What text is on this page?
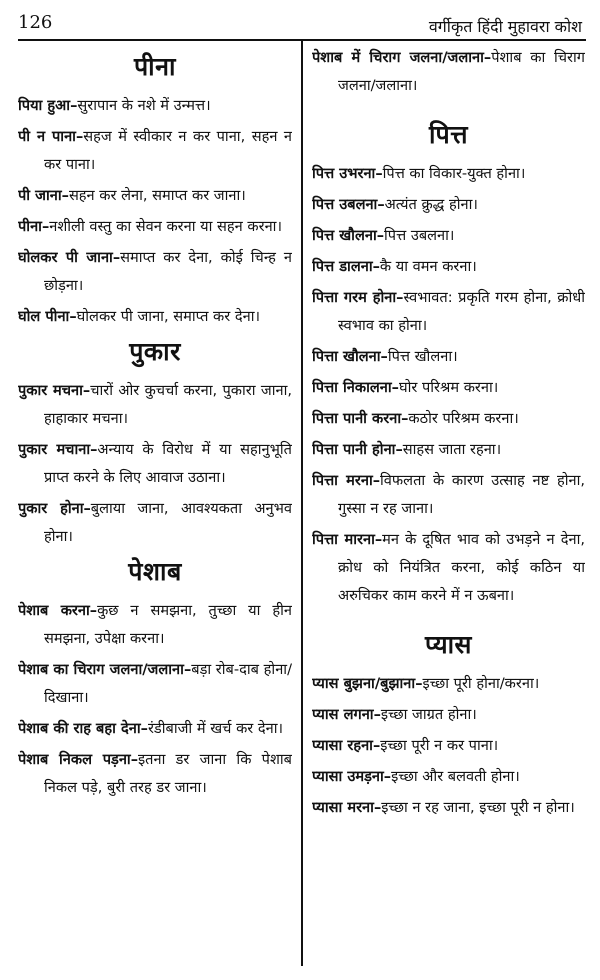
126	वर्गीकृत हिंदी मुहावरा कोश
पीना
पिया हुआ–सुरापान के नशे में उन्मत्त।
पी न पाना–सहज में स्वीकार न कर पाना, सहन न कर पाना।
पी जाना–सहन कर लेना, समाप्त कर जाना।
पीना–नशीली वस्तु का सेवन करना या सहन करना।
घोलकर पी जाना–समाप्त कर देना, कोई चिन्ह न छोड़ना।
घोल पीना–घोलकर पी जाना, समाप्त कर देना।
पुकार
पुकार मचना–चारों ओर कुचर्चा करना, पुकारा जाना, हाहाकार मचना।
पुकार मचाना–अन्याय के विरोध में या सहानुभूति प्राप्त करने के लिए आवाज उठाना।
पुकार होना–बुलाया जाना, आवश्यकता अनुभव होना।
पेशाब
पेशाब करना–कुछ न समझना, तुच्छा या हीन समझना, उपेक्षा करना।
पेशाब का चिराग जलना/जलाना–बड़ा रोब-दाब होना/दिखाना।
पेशाब की राह बहा देना–रंडीबाजी में खर्च कर देना।
पेशाब निकल पड़ना–इतना डर जाना कि पेशाब निकल पड़े, बुरी तरह डर जाना।
पेशाब में चिराग जलना/जलाना–पेशाब का चिराग जलना/जलाना।
पित्त
पित्त उभरना–पित्त का विकार-युक्त होना।
पित्त उबलना–अत्यंत क्रुद्ध होना।
पित्त खौलना–पित्त उबलना।
पित्त डालना–कै या वमन करना।
पित्ता गरम होना–स्वभावत: प्रकृति गरम होना, क्रोधी स्वभाव का होना।
पित्ता खौलना–पित्त खौलना।
पित्ता निकालना–घोर परिश्रम करना।
पित्ता पानी करना–कठोर परिश्रम करना।
पित्ता पानी होना–साहस जाता रहना।
पित्ता मरना–विफलता के कारण उत्साह नष्ट होना, गुस्सा न रह जाना।
पित्ता मारना–मन के दूषित भाव को उभड़ने न देना, क्रोध को नियंत्रित करना, कोई कठिन या अरुचिकर काम करने में न ऊबना।
प्यास
प्यास बुझना/बुझाना–इच्छा पूरी होना/करना।
प्यास लगना–इच्छा जाग्रत होना।
प्यासा रहना–इच्छा पूरी न कर पाना।
प्यासा उमड़ना–इच्छा और बलवती होना।
प्यासा मरना–इच्छा न रह जाना, इच्छा पूरी न होना।
